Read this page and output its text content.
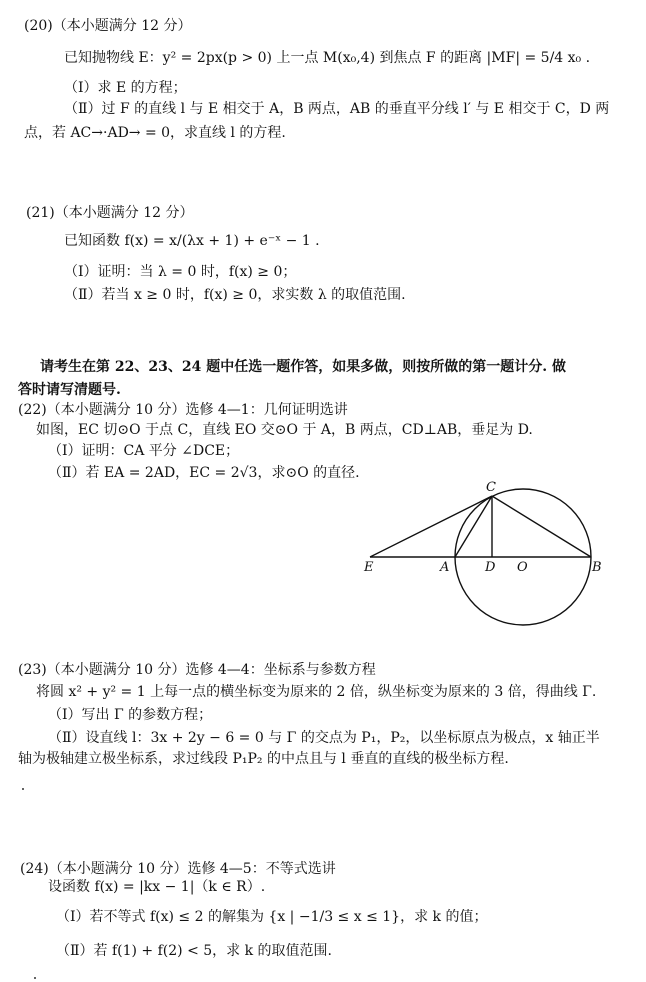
(20)（本小题满分 12 分）
已知抛物线 E：y² = 2px(p > 0) 上一点 M(x₀,4) 到焦点 F 的距离 |MF| = 5/4 x₀ .
（Ⅰ）求 E 的方程；
（Ⅱ）过 F 的直线 l 与 E 相交于 A，B 两点，AB 的垂直平分线 l′ 与 E 相交于 C，D 两
点，若 AC→·AD→ = 0，求直线 l 的方程.
(21)（本小题满分 12 分）
已知函数 f(x) = x/(λx + 1) + e⁻ˣ − 1 .
（Ⅰ）证明：当 λ = 0 时，f(x) ≥ 0；
（Ⅱ）若当 x ≥ 0 时，f(x) ≥ 0，求实数 λ 的取值范围.
请考生在第 22、23、24 题中任选一题作答，如果多做，则按所做的第一题计分. 做
答时请写清题号.
(22)（本小题满分 10 分）选修 4—1：几何证明选讲
如图，EC 切⊙O 于点 C，直线 EO 交⊙O 于 A，B 两点，CD⊥AB，垂足为 D.
（Ⅰ）证明：CA 平分 ∠DCE；
（Ⅱ）若 EA = 2AD，EC = 2√3，求⊙O 的直径.
C
E	A	D O	B
(23)（本小题满分 10 分）选修 4—4：坐标系与参数方程
将圆 x² + y² = 1 上每一点的横坐标变为原来的 2 倍，纵坐标变为原来的 3 倍，得曲线 Γ.
（Ⅰ）写出 Γ 的参数方程；
（Ⅱ）设直线 l：3x + 2y − 6 = 0 与 Γ 的交点为 P₁，P₂，以坐标原点为极点，x 轴正半
轴为极轴建立极坐标系，求过线段 P₁P₂ 的中点且与 l 垂直的直线的极坐标方程.
(24)（本小题满分 10 分）选修 4—5：不等式选讲
设函数 f(x) = |kx − 1|（k ∈ R）.
（Ⅰ）若不等式 f(x) ≤ 2 的解集为 {x | −1/3 ≤ x ≤ 1}，求 k 的值；
（Ⅱ）若 f(1) + f(2) < 5，求 k 的取值范围.
